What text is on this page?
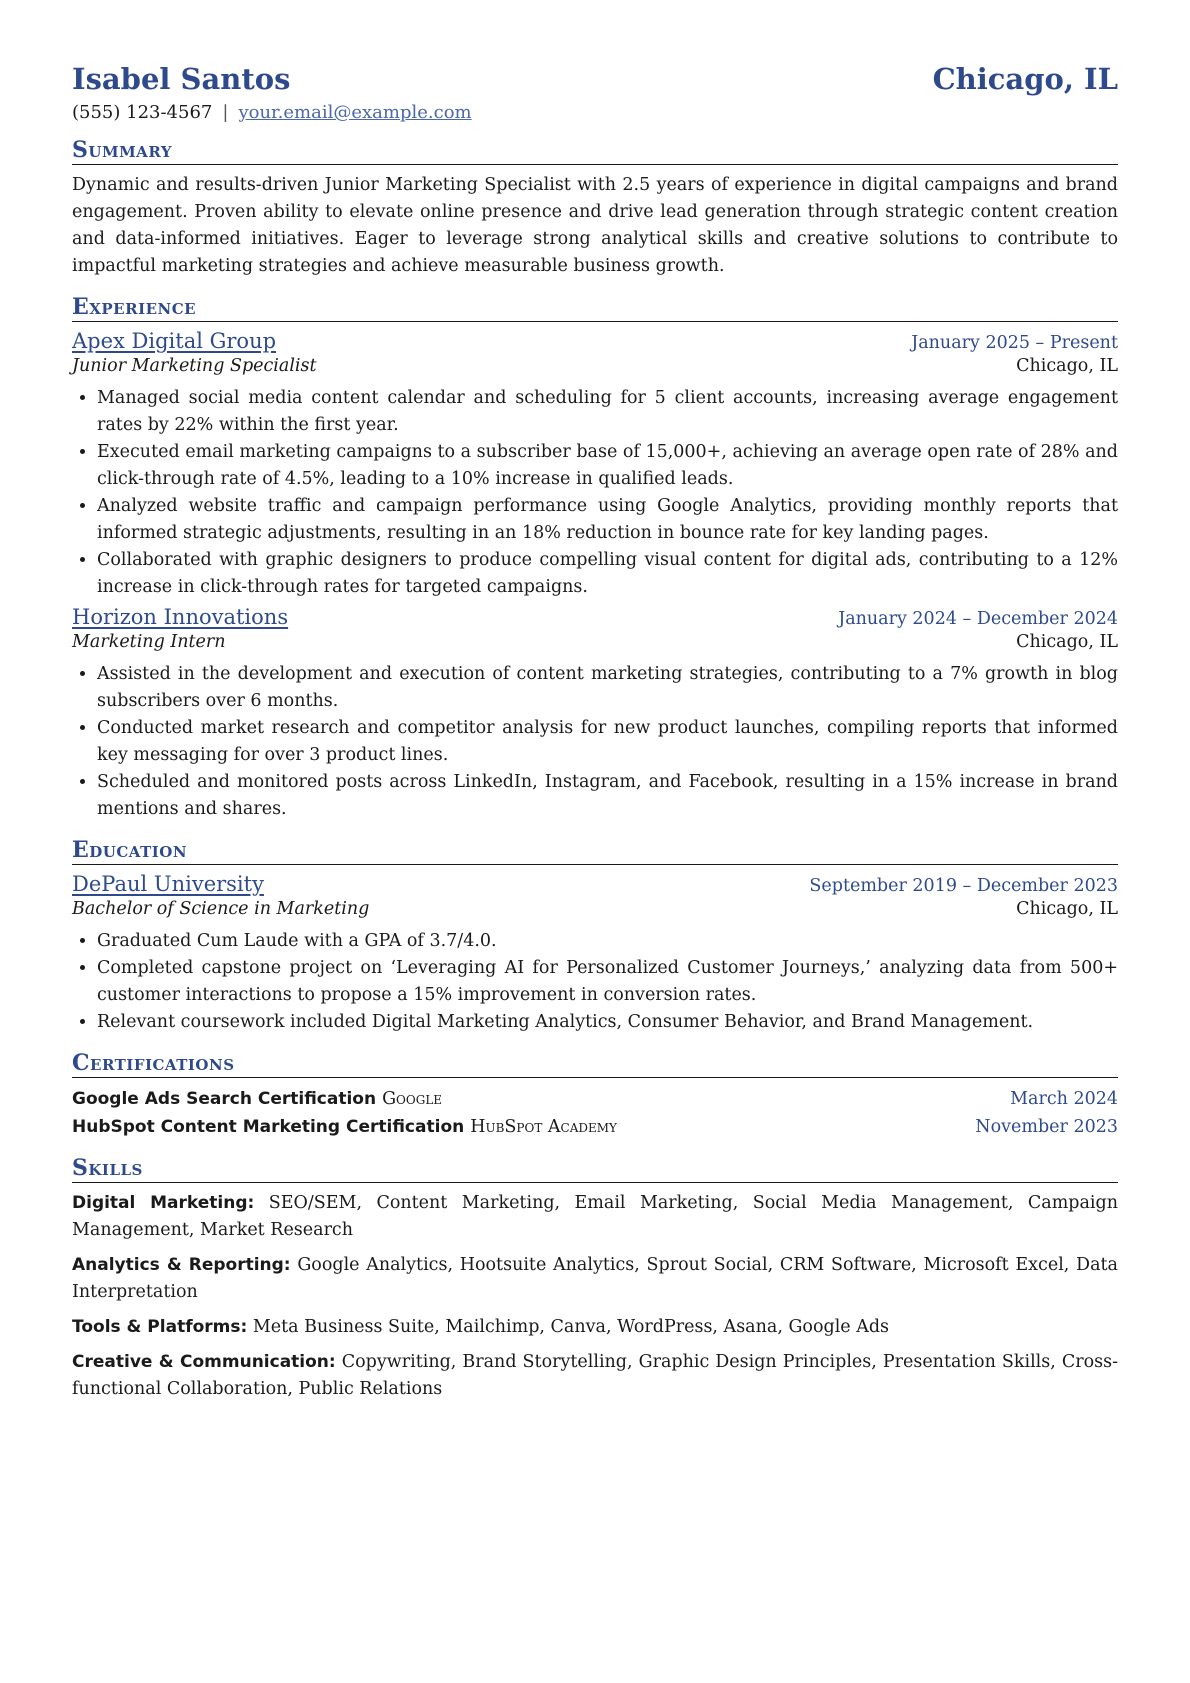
Isabel Santos	Chicago, IL
(555) 123-4567 | your.email@example.com
Summary
Dynamic and results-driven Junior Marketing Specialist with 2.5 years of experience in digital campaigns and brand engagement. Proven ability to elevate online presence and drive lead generation through strategic content creation and data-informed initiatives. Eager to leverage strong analytical skills and creative solutions to contribute to impactful marketing strategies and achieve measurable business growth.
Experience
Apex Digital Group	January 2025 – Present
Junior Marketing Specialist	Chicago, IL
• Managed social media content calendar and scheduling for 5 client accounts, increasing average engagement rates by 22% within the first year.
• Executed email marketing campaigns to a subscriber base of 15,000+, achieving an average open rate of 28% and click-through rate of 4.5%, leading to a 10% increase in qualified leads.
• Analyzed website traffic and campaign performance using Google Analytics, providing monthly reports that informed strategic adjustments, resulting in an 18% reduction in bounce rate for key landing pages.
• Collaborated with graphic designers to produce compelling visual content for digital ads, contributing to a 12% increase in click-through rates for targeted campaigns.
Horizon Innovations	January 2024 – December 2024
Marketing Intern	Chicago, IL
• Assisted in the development and execution of content marketing strategies, contributing to a 7% growth in blog subscribers over 6 months.
• Conducted market research and competitor analysis for new product launches, compiling reports that informed key messaging for over 3 product lines.
• Scheduled and monitored posts across LinkedIn, Instagram, and Facebook, resulting in a 15% increase in brand mentions and shares.
Education
DePaul University	September 2019 – December 2023
Bachelor of Science in Marketing	Chicago, IL
• Graduated Cum Laude with a GPA of 3.7/4.0.
• Completed capstone project on ‘Leveraging AI for Personalized Customer Journeys,’ analyzing data from 500+ customer interactions to propose a 15% improvement in conversion rates.
• Relevant coursework included Digital Marketing Analytics, Consumer Behavior, and Brand Management.
Certifications
Google Ads Search Certification Google	March 2024
HubSpot Content Marketing Certification HubSpot Academy	November 2023
Skills
Digital Marketing: SEO/SEM, Content Marketing, Email Marketing, Social Media Management, Campaign Management, Market Research
Analytics & Reporting: Google Analytics, Hootsuite Analytics, Sprout Social, CRM Software, Microsoft Excel, Data Interpretation
Tools & Platforms: Meta Business Suite, Mailchimp, Canva, WordPress, Asana, Google Ads
Creative & Communication: Copywriting, Brand Storytelling, Graphic Design Principles, Presentation Skills, Cross-functional Collaboration, Public Relations
